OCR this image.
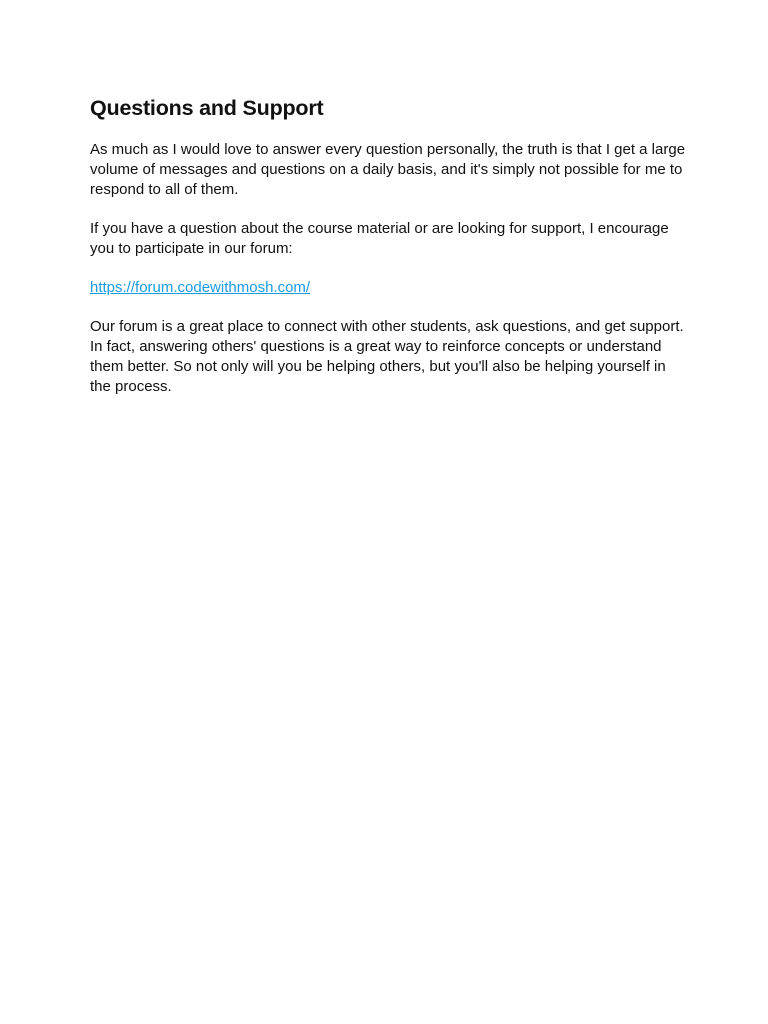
Questions and Support

As much as I would love to answer every question personally, the truth is that I get a large volume of messages and questions on a daily basis, and it's simply not possible for me to respond to all of them.

If you have a question about the course material or are looking for support, I encourage you to participate in our forum:

https://forum.codewithmosh.com/

Our forum is a great place to connect with other students, ask questions, and get support. In fact, answering others' questions is a great way to reinforce concepts or understand them better. So not only will you be helping others, but you'll also be helping yourself in the process.
